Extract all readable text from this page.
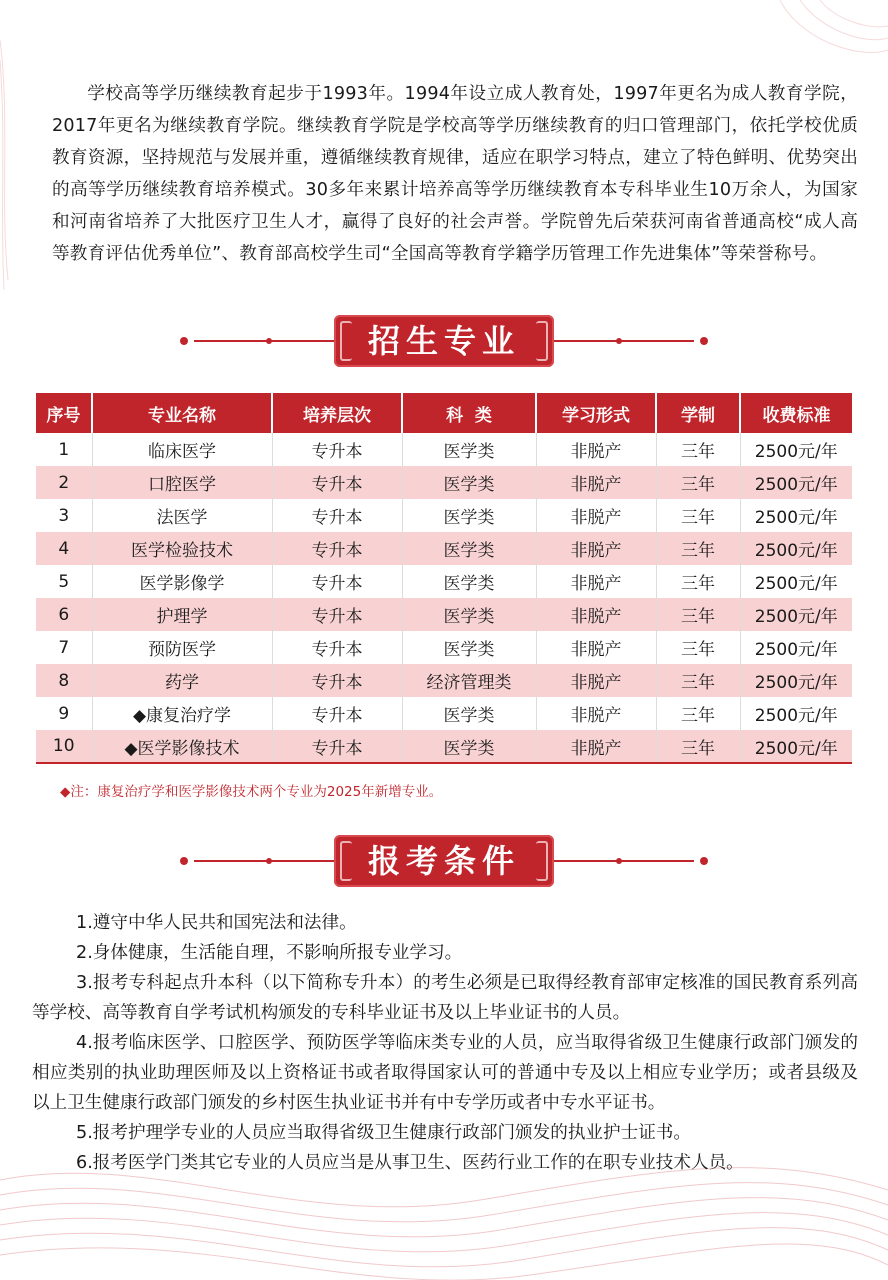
学校高等学历继续教育起步于1993年。1994年设立成人教育处，1997年更名为成人教育学院，2017年更名为继续教育学院。继续教育学院是学校高等学历继续教育的归口管理部门，依托学校优质教育资源，坚持规范与发展并重，遵循继续教育规律，适应在职学习特点，建立了特色鲜明、优势突出的高等学历继续教育培养模式。30多年来累计培养高等学历继续教育本专科毕业生10万余人，为国家和河南省培养了大批医疗卫生人才，赢得了良好的社会声誉。学院曾先后荣获河南省普通高校“成人高等教育评估优秀单位”、教育部高校学生司“全国高等教育学籍学历管理工作先进集体”等荣誉称号。

招生专业
序号	专业名称	培养层次	科  类	学习形式	学制	收费标准
1	临床医学	专升本	医学类	非脱产	三年	2500元/年
2	口腔医学	专升本	医学类	非脱产	三年	2500元/年
3	法医学	专升本	医学类	非脱产	三年	2500元/年
4	医学检验技术	专升本	医学类	非脱产	三年	2500元/年
5	医学影像学	专升本	医学类	非脱产	三年	2500元/年
6	护理学	专升本	医学类	非脱产	三年	2500元/年
7	预防医学	专升本	医学类	非脱产	三年	2500元/年
8	药学	专升本	经济管理类	非脱产	三年	2500元/年
9	◆康复治疗学	专升本	医学类	非脱产	三年	2500元/年
10	◆医学影像技术	专升本	医学类	非脱产	三年	2500元/年

◆注：康复治疗学和医学影像技术两个专业为2025年新增专业。

报考条件

1.遵守中华人民共和国宪法和法律。

2.身体健康，生活能自理，不影响所报专业学习。

3.报考专科起点升本科（以下简称专升本）的考生必须是已取得经教育部审定核准的国民教育系列高等学校、高等教育自学考试机构颁发的专科毕业证书及以上毕业证书的人员。

4.报考临床医学、口腔医学、预防医学等临床类专业的人员，应当取得省级卫生健康行政部门颁发的相应类别的执业助理医师及以上资格证书或者取得国家认可的普通中专及以上相应专业学历；或者县级及以上卫生健康行政部门颁发的乡村医生执业证书并有中专学历或者中专水平证书。

5.报考护理学专业的人员应当取得省级卫生健康行政部门颁发的执业护士证书。

6.报考医学门类其它专业的人员应当是从事卫生、医药行业工作的在职专业技术人员。
